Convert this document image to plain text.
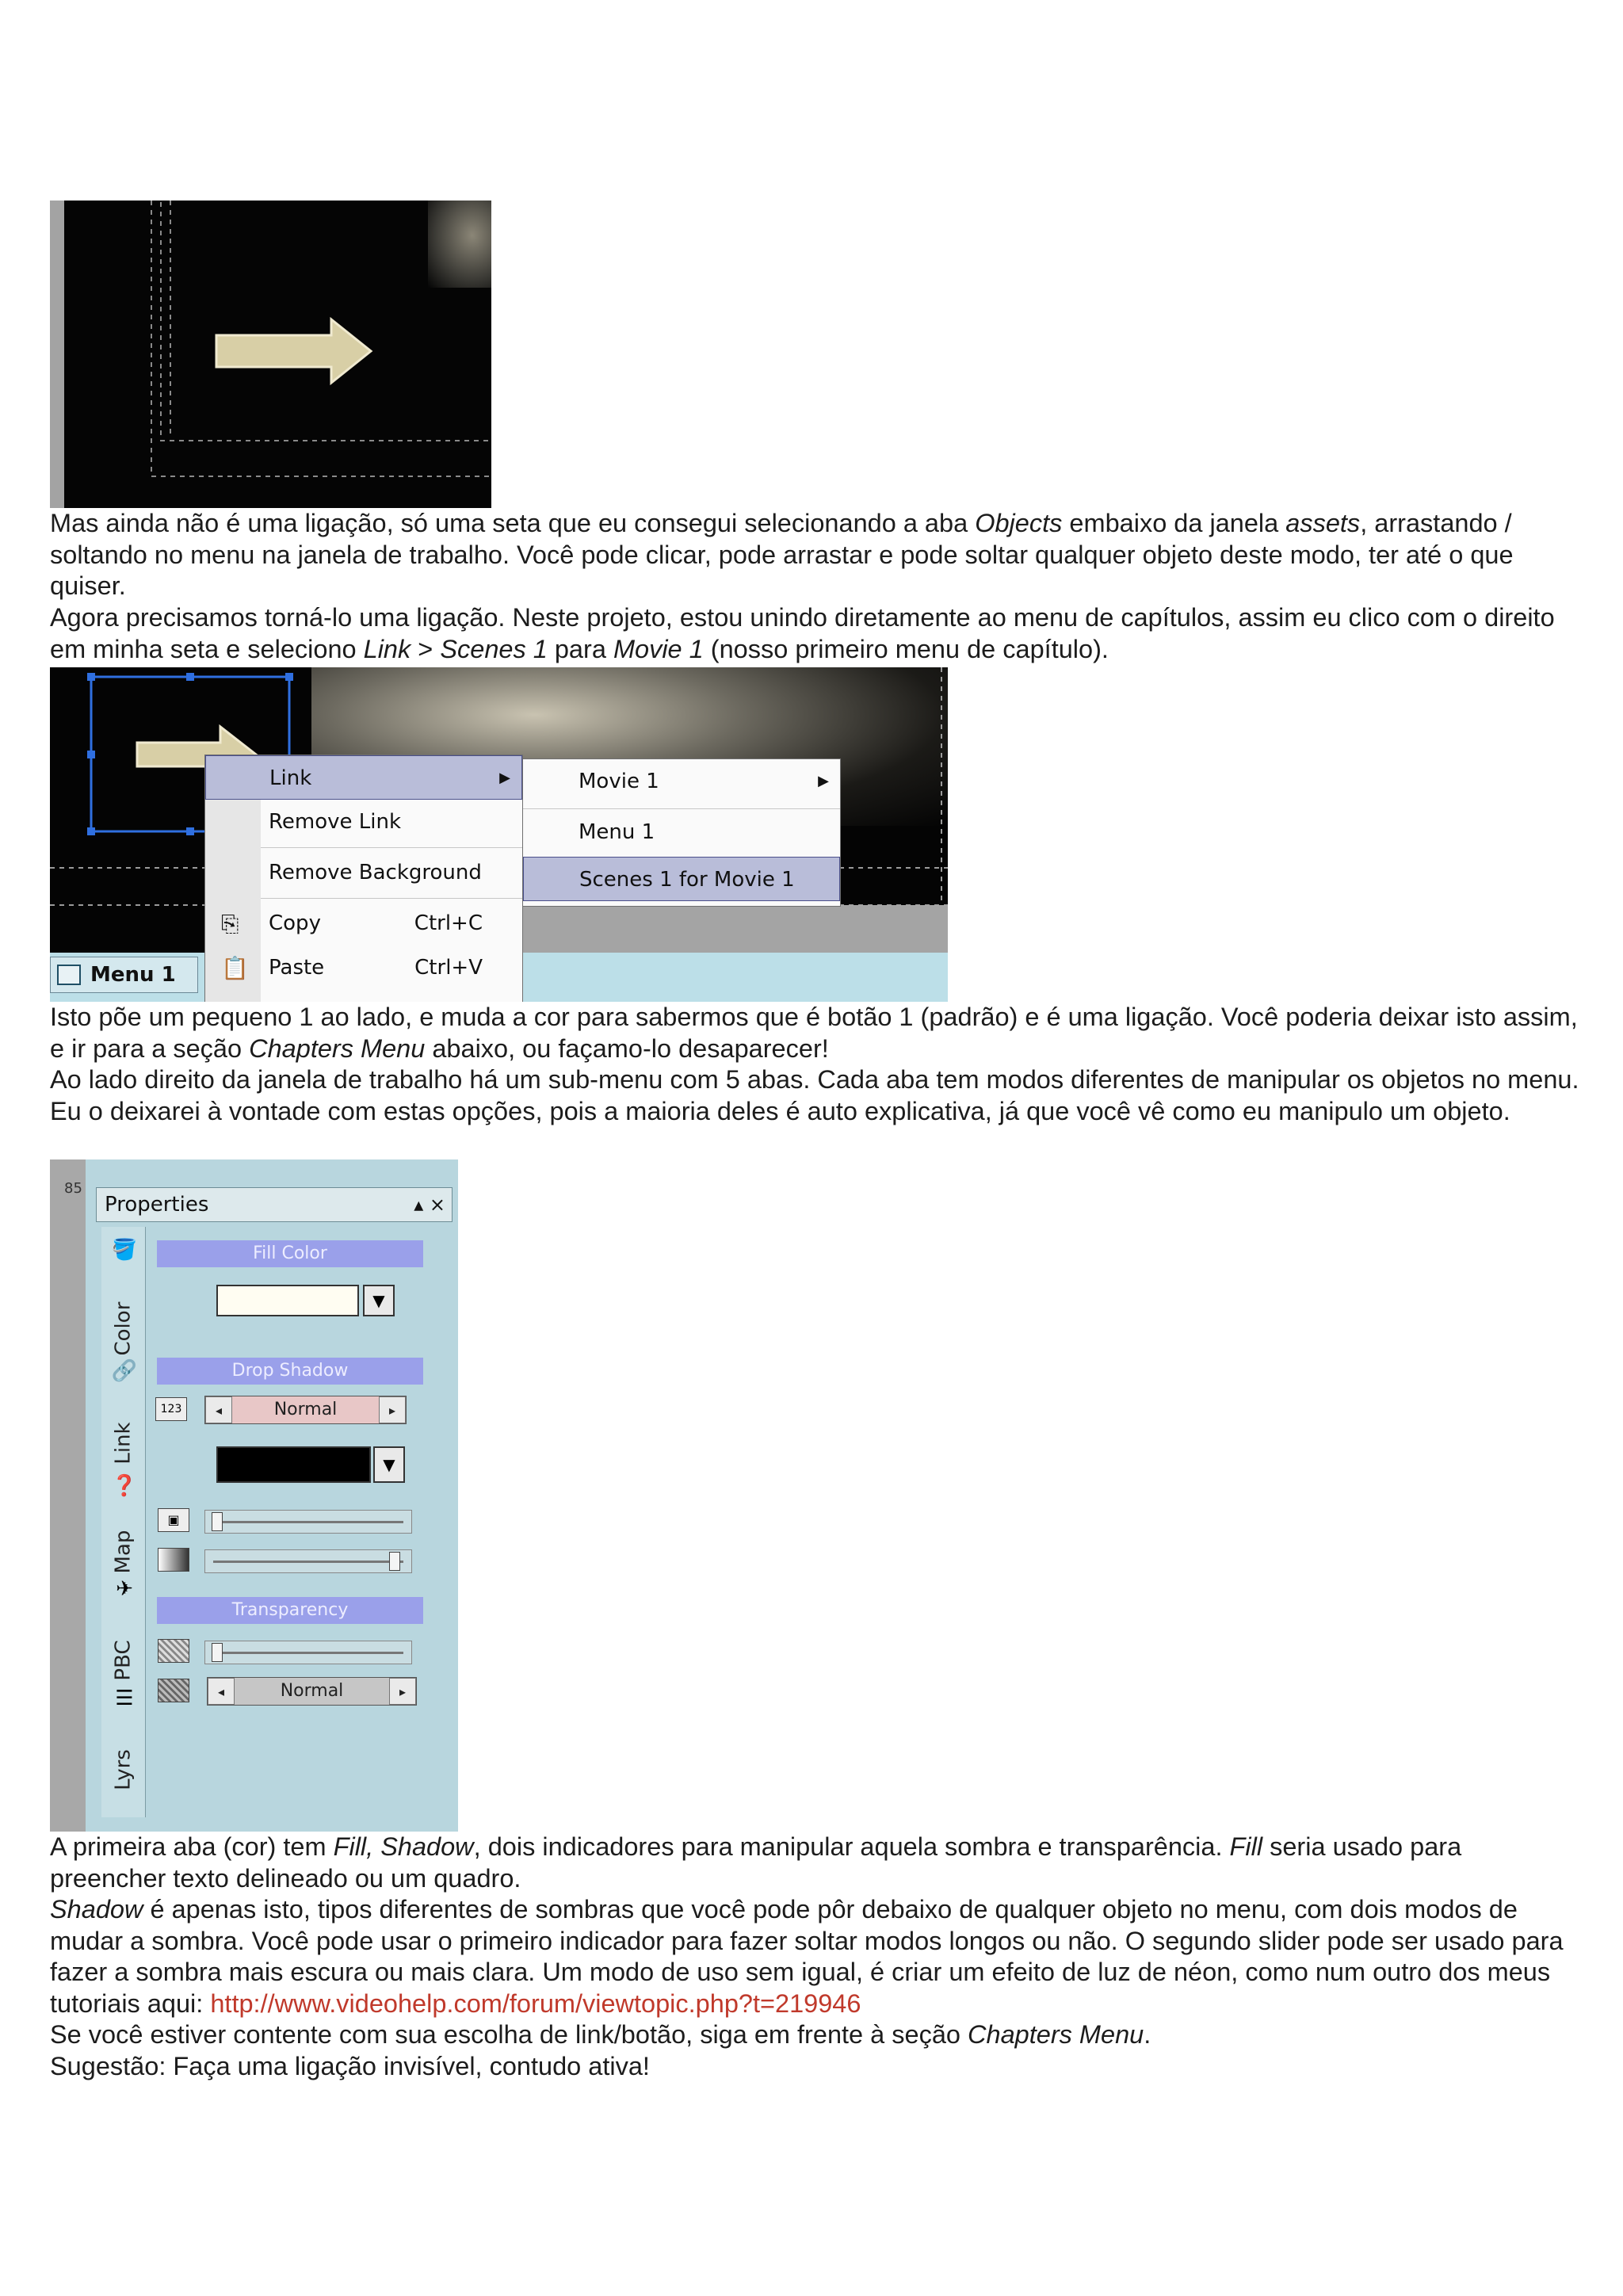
Mas ainda não é uma ligação, só uma seta que eu consegui selecionando a aba Objects embaixo da janela assets, arrastando / soltando no menu na janela de trabalho. Você pode clicar, pode arrastar e pode soltar qualquer objeto deste modo, ter até o que quiser.

Agora precisamos torná-lo uma ligação. Neste projeto, estou unindo diretamente ao menu de capítulos, assim eu clico com o direito em minha seta e seleciono Link > Scenes 1 para Movie 1 (nosso primeiro menu de capítulo).

Menu 1
Link	▶
Remove Link
Remove Background
⎘	Copy	Ctrl+C
📋 Paste	Ctrl+V
Movie 1	▶
Menu 1
Scenes 1 for Movie 1

Isto põe um pequeno 1 ao lado, e muda a cor para sabermos que é botão 1 (padrão) e é uma ligação. Você poderia deixar isto assim, e ir para a seção Chapters Menu abaixo, ou façamo-lo desaparecer!

Ao lado direito da janela de trabalho há um sub-menu com 5 abas. Cada aba tem modos diferentes de manipular os objetos no menu. Eu o deixarei à vontade com estas opções, pois a maioria deles é auto explicativa, já que você vê como eu manipulo um objeto.

85
Properties	▴ ×
🪣
Color
🔗
Link
❓
Map
✈
PBC
☰
Lyrs
Fill Color
▼
Drop Shadow
123	◂	Normal	▸
▼
▣
Transparency
◂	Normal	▸

A primeira aba (cor) tem Fill, Shadow, dois indicadores para manipular aquela sombra e transparência. Fill seria usado para preencher texto delineado ou um quadro.

Shadow é apenas isto, tipos diferentes de sombras que você pode pôr debaixo de qualquer objeto no menu, com dois modos de mudar a sombra. Você pode usar o primeiro indicador para fazer soltar modos longos ou não. O segundo slider pode ser usado para fazer a sombra mais escura ou mais clara. Um modo de uso sem igual, é criar um efeito de luz de néon, como num outro dos meus tutoriais aqui: http://www.videohelp.com/forum/viewtopic.php?t=219946

Se você estiver contente com sua escolha de link/botão, siga em frente à seção Chapters Menu.

Sugestão: Faça uma ligação invisível, contudo ativa!
